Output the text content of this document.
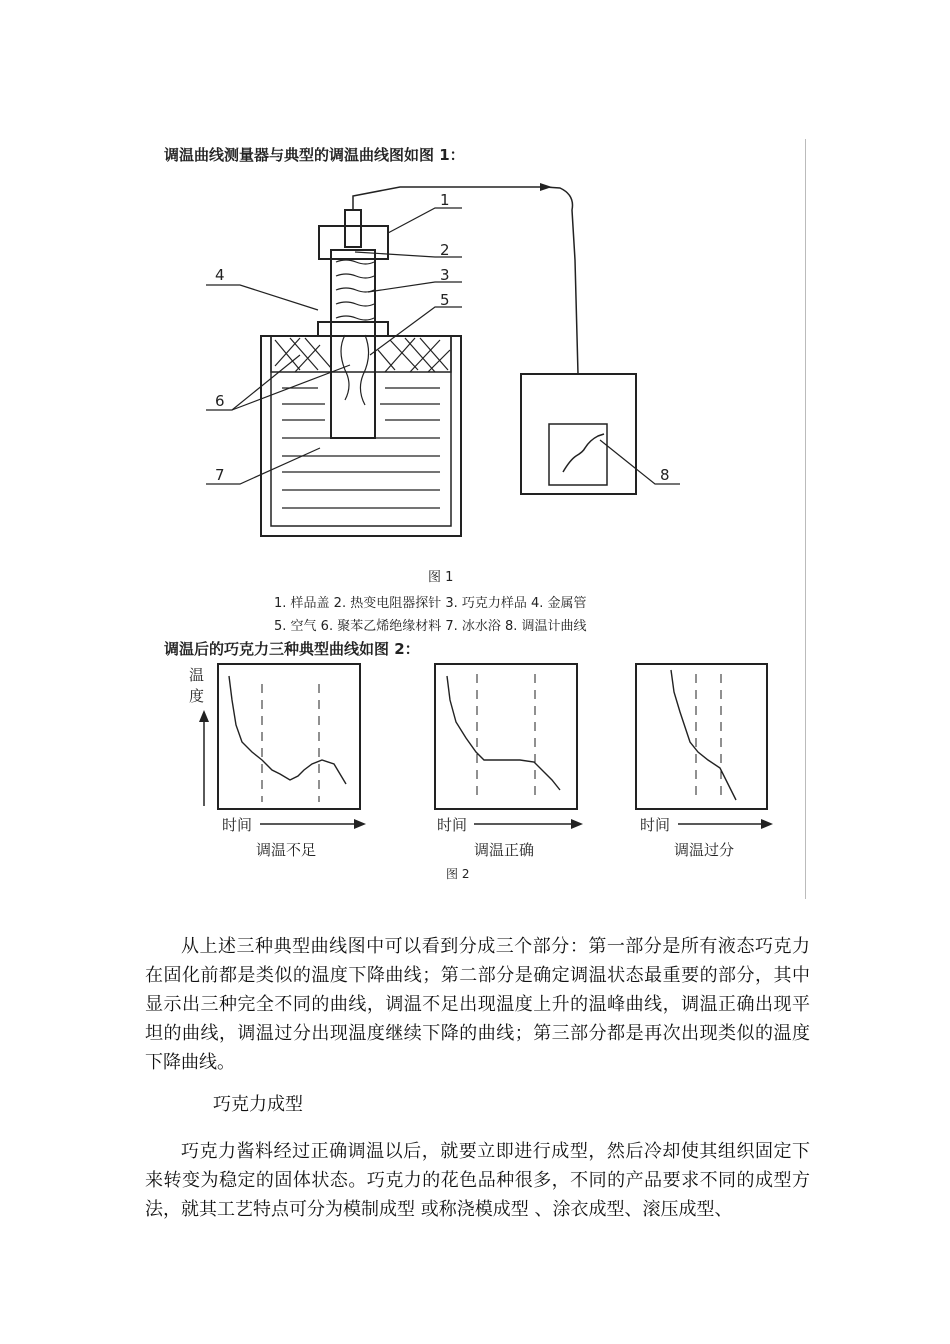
调温曲线测量器与典型的调温曲线图如图 1：
1
2
3
4
5
6
7	8
图 1
1. 样品盖 2. 热变电阻器探针 3. 巧克力样品 4. 金属管
5. 空气 6. 聚苯乙烯绝缘材料 7. 冰水浴 8. 调温计曲线
调温后的巧克力三种典型曲线如图 2：
温
度
时间	时间	时间
调温不足	调温正确	调温过分
图 2

从上述三种典型曲线图中可以看到分成三个部分：第一部分是所有液态巧克力在固化前都是类似的温度下降曲线；第二部分是确定调温状态最重要的部分，其中显示出三种完全不同的曲线，调温不足出现温度上升的温峰曲线，调温正确出现平坦的曲线，调温过分出现温度继续下降的曲线；第三部分都是再次出现类似的温度下降曲线。

巧克力成型

巧克力酱料经过正确调温以后，就要立即进行成型，然后冷却使其组织固定下来转变为稳定的固体状态。巧克力的花色品种很多，不同的产品要求不同的成型方法，就其工艺特点可分为模制成型 或称浇模成型 、涂衣成型、滚压成型、
